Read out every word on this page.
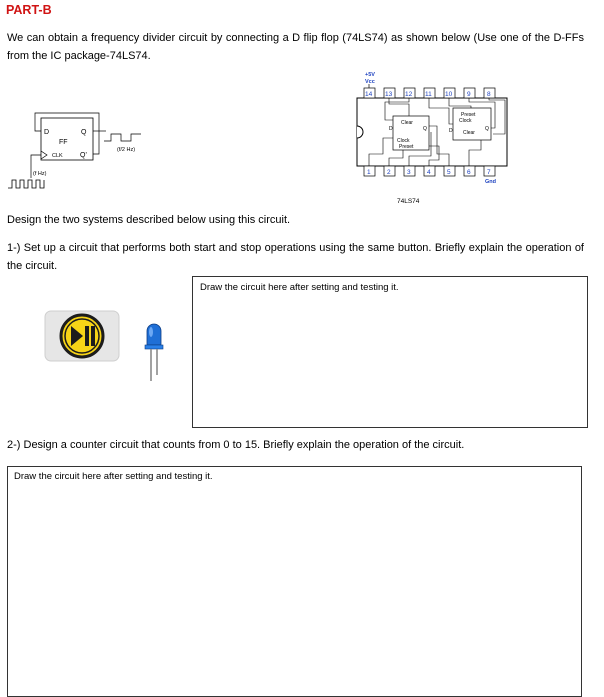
PART-B
We can obtain a frequency divider circuit by connecting a D flip flop (74LS74) as shown below (Use one of the D-FFs from the IC package-74LS74.
D	Q
FF
CLK Q'
(f/2 Hz)
(f Hz)
+5V
Vcc
14 13 12 11 10 9	8
1	2	3	4	5	6	7
Gnd
Clear
D	Q
Clock
Preset
Preset
Clock
D Clear
Q
74LS74
Design the two systems described below using this circuit.
1-) Set up a circuit that performs both start and stop operations using the same button. Briefly explain the operation of the circuit.
Draw the circuit here after setting and testing it.
2-) Design a counter circuit that counts from 0 to 15. Briefly explain the operation of the circuit.
Draw the circuit here after setting and testing it.
